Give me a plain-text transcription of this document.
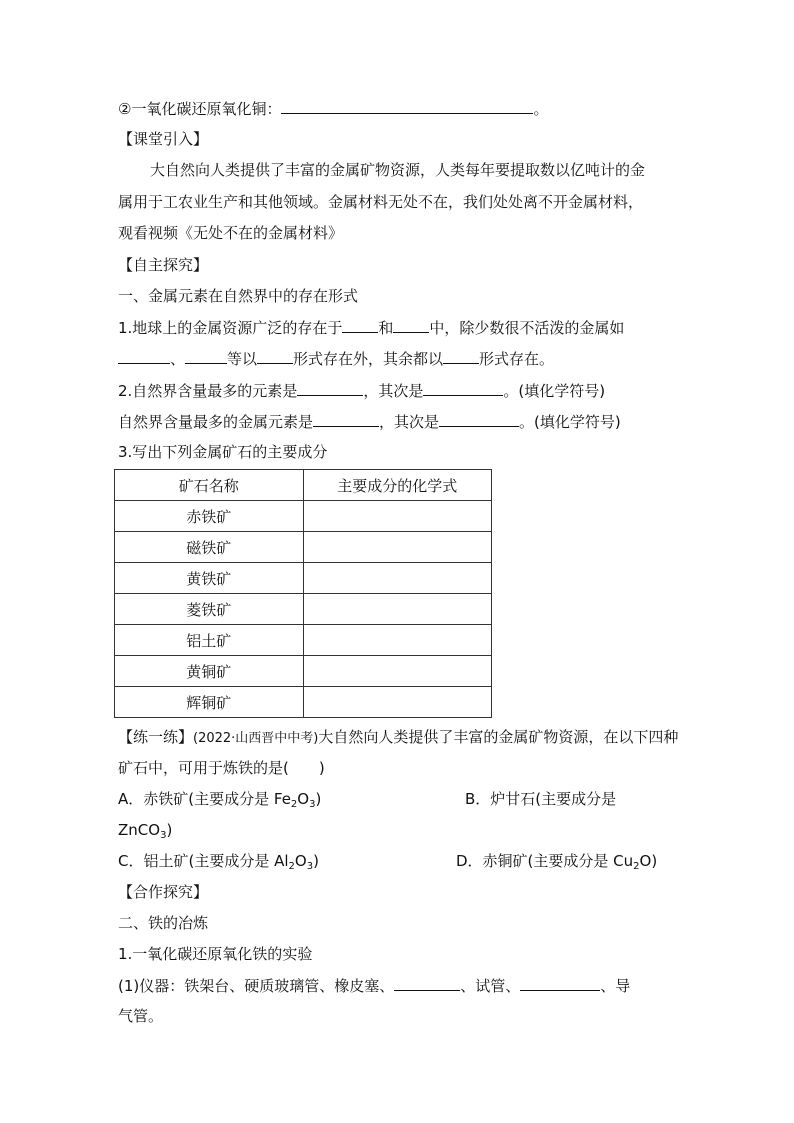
②一氧化碳还原氧化铜：	。
【课堂引入】
大自然向人类提供了丰富的金属矿物资源，人类每年要提取数以亿吨计的金
属用于工农业生产和其他领域。金属材料无处不在，我们处处离不开金属材料，
观看视频《无处不在的金属材料》
【自主探究】
一、金属元素在自然界中的存在形式
1.地球上的金属资源广泛的存在于 和 中，除少数很不活泼的金属如
、	等以 形式存在外，其余都以 形式存在。
2.自然界含量最多的元素是	，其次是	。(填化学符号)
自然界含量最多的金属元素是	，其次是	。(填化学符号)
3.写出下列金属矿石的主要成分
矿石名称	主要成分的化学式
赤铁矿	
磁铁矿	
黄铁矿	
菱铁矿	
铝土矿	
黄铜矿	
辉铜矿	
【练一练】(2022·山西晋中中考)大自然向人类提供了丰富的金属矿物资源，在以下四种
矿石中，可用于炼铁的是(　　)
A．赤铁矿(主要成分是 $Fe_2O_3$)	B．炉甘石(主要成分是
ZnCO$_3$)
C．铝土矿(主要成分是 $Al_2O_3$)	D．赤铜矿(主要成分是 $Cu_2O$)
【合作探究】
二、铁的冶炼
1.一氧化碳还原氧化铁的实验
(1)仪器：铁架台、硬质玻璃管、橡皮塞、	、试管、	、导
气管。
